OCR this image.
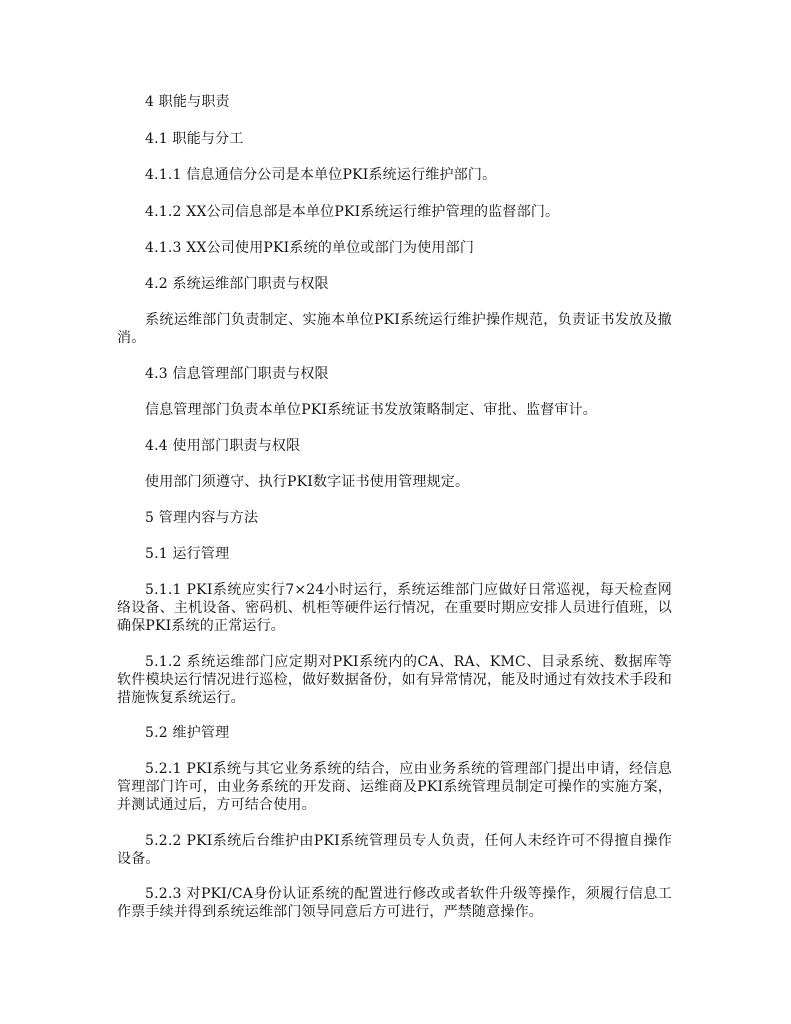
4 职能与职责
4.1 职能与分工
4.1.1 信息通信分公司是本单位PKI系统运行维护部门。
4.1.2 XX公司信息部是本单位PKI系统运行维护管理的监督部门。
4.1.3 XX公司使用PKI系统的单位或部门为使用部门
4.2 系统运维部门职责与权限
系统运维部门负责制定、实施本单位PKI系统运行维护操作规范，负责证书发放及撤消。
4.3 信息管理部门职责与权限
信息管理部门负责本单位PKI系统证书发放策略制定、审批、监督审计。
4.4 使用部门职责与权限
使用部门须遵守、执行PKI数字证书使用管理规定。
5 管理内容与方法
5.1 运行管理
5.1.1 PKI系统应实行7×24小时运行，系统运维部门应做好日常巡视，每天检查网络设备、主机设备、密码机、机柜等硬件运行情况，在重要时期应安排人员进行值班，以确保PKI系统的正常运行。
5.1.2 系统运维部门应定期对PKI系统内的CA、RA、KMC、目录系统、数据库等软件模块运行情况进行巡检，做好数据备份，如有异常情况，能及时通过有效技术手段和措施恢复系统运行。
5.2 维护管理
5.2.1 PKI系统与其它业务系统的结合，应由业务系统的管理部门提出申请，经信息管理部门许可，由业务系统的开发商、运维商及PKI系统管理员制定可操作的实施方案，并测试通过后，方可结合使用。
5.2.2 PKI系统后台维护由PKI系统管理员专人负责，任何人未经许可不得擅自操作设备。
5.2.3 对PKI/CA身份认证系统的配置进行修改或者软件升级等操作，须履行信息工作票手续并得到系统运维部门领导同意后方可进行，严禁随意操作。
